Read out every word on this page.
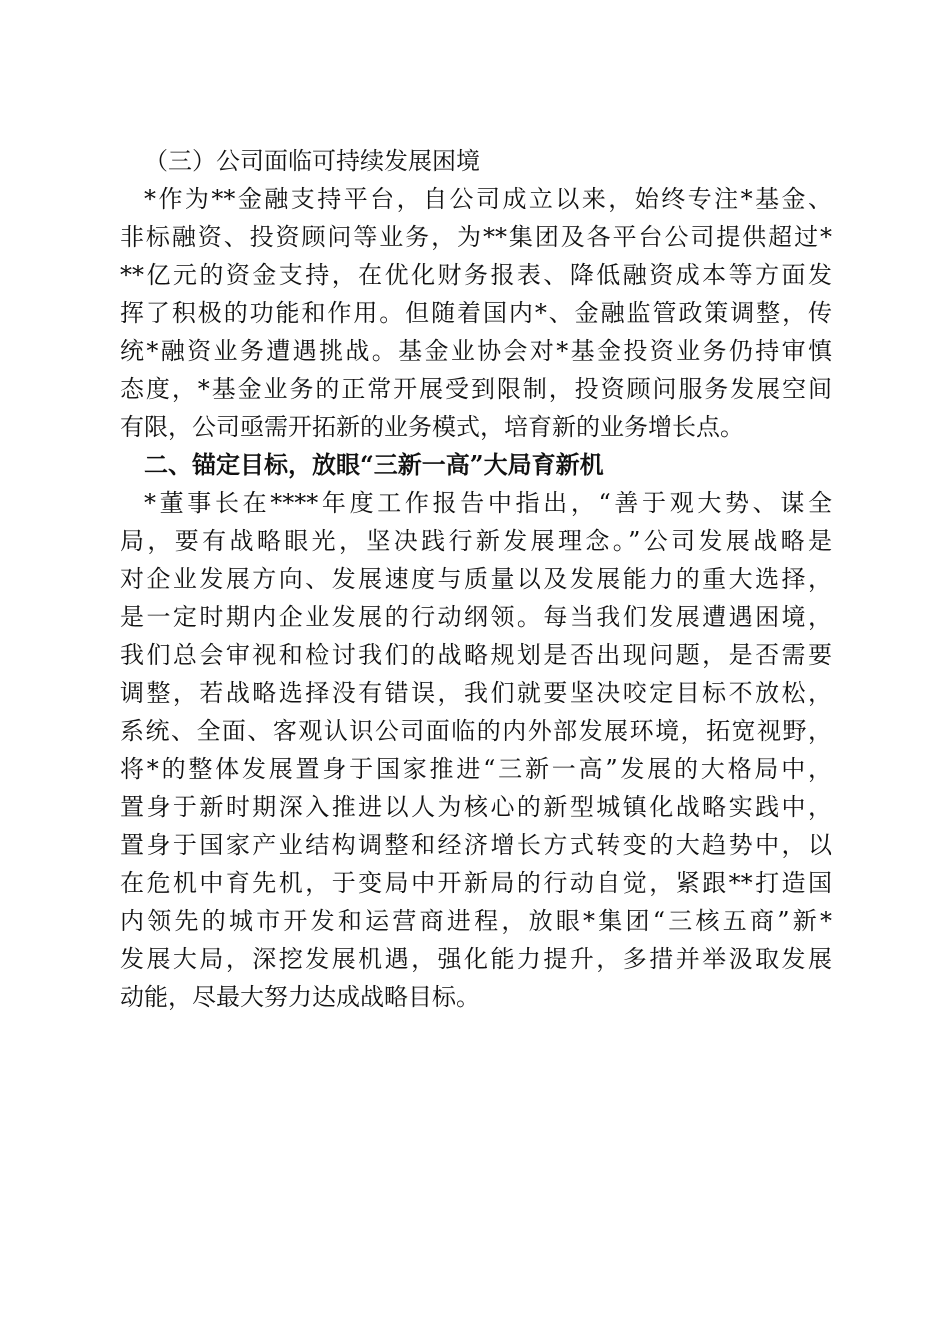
（三）公司面临可持续发展困境

*作为**金融支持平台，自公司成立以来，始终专注*基金、
非标融资、投资顾问等业务，为**集团及各平台公司提供超过*
**亿元的资金支持，在优化财务报表、降低融资成本等方面发
挥了积极的功能和作用。但随着国内*、金融监管政策调整，传
统*融资业务遭遇挑战。基金业协会对*基金投资业务仍持审慎
态度，*基金业务的正常开展受到限制，投资顾问服务发展空间
有限，公司亟需开拓新的业务模式，培育新的业务增长点。

二、锚定目标，放眼“三新一高”大局育新机

*董事长在****年度工作报告中指出，“善于观大势、谋全
局，要有战略眼光，坚决践行新发展理念。”公司发展战略是
对企业发展方向、发展速度与质量以及发展能力的重大选择，
是一定时期内企业发展的行动纲领。每当我们发展遭遇困境，
我们总会审视和检讨我们的战略规划是否出现问题，是否需要
调整，若战略选择没有错误，我们就要坚决咬定目标不放松，
系统、全面、客观认识公司面临的内外部发展环境，拓宽视野，
将*的整体发展置身于国家推进“三新一高”发展的大格局中，
置身于新时期深入推进以人为核心的新型城镇化战略实践中，
置身于国家产业结构调整和经济增长方式转变的大趋势中，以
在危机中育先机，于变局中开新局的行动自觉，紧跟**打造国
内领先的城市开发和运营商进程，放眼*集团“三核五商”新*
发展大局，深挖发展机遇，强化能力提升，多措并举汲取发展
动能，尽最大努力达成战略目标。
